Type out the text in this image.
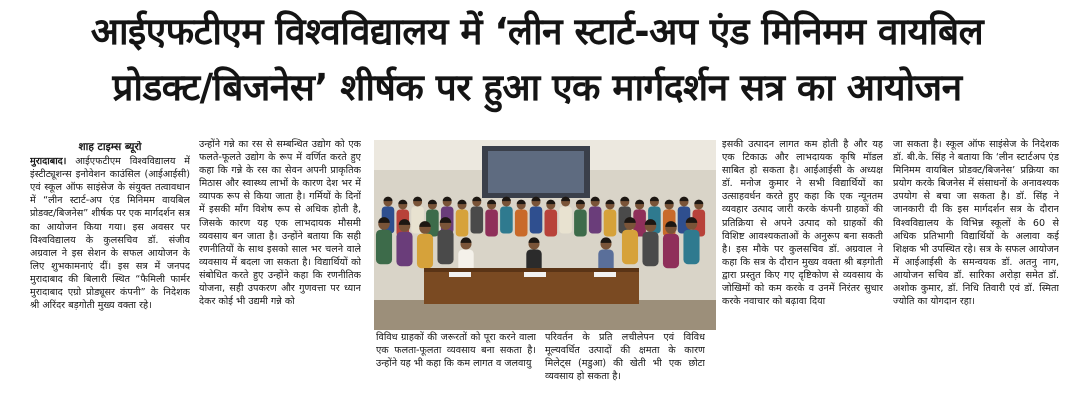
आईएफटीएम विश्वविद्यालय में ‘लीन स्टार्ट-अप एंड मिनिमम वायबिल
प्रोडक्ट/बिजनेस’ शीर्षक पर हुआ एक मार्गदर्शन सत्र का आयोजन
शाह टाइम्स ब्यूरो

मुरादाबाद। आईएफटीएम विश्वविद्यालय में इंस्टीट्यूशन्स इनोवेशन काउंसिल (आईआईसी) एवं स्कूल ऑफ साइंसेज के संयुक्त तत्वावधान में “लीन स्टार्ट-अप एंड मिनिमम वायबिल प्रोडक्ट/बिजनेस” शीर्षक पर एक मार्गदर्शन सत्र का आयोजन किया गया। इस अवसर पर विश्वविद्यालय के कुलसचिव डॉ. संजीव अग्रवाल ने इस सेशन के सफल आयोजन के लिए शुभकामनाएं दीं। इस सत्र में जनपद मुरादाबाद की बिलारी स्थित “फैमिली फार्मर मुरादाबाद एग्रो प्रोड्यूसर कंपनी” के निदेशक श्री अरिंदर बड़गोती मुख्य वक्ता रहे।

उन्होंने गन्ने का रस से सम्बन्धित उद्योग को एक फलते-फूलते उद्योग के रूप में वर्णित करते हुए कहा कि गन्ने के रस का सेवन अपनी प्राकृतिक मिठास और स्वास्थ्य लाभों के कारण देश भर में व्यापक रूप से किया जाता है। गर्मियों के दिनों में इसकी माँग विशेष रूप से अधिक होती है, जिसके कारण यह एक लाभदायक मौसमी व्यवसाय बन जाता है। उन्होंने बताया कि सही रणनीतियों के साथ इसको साल भर चलने वाले व्यवसाय में बदला जा सकता है। विद्यार्थियों को संबोधित करते हुए उन्होंने कहा कि रणनीतिक योजना, सही उपकरण और गुणवत्ता पर ध्यान देकर कोई भी उद्यमी गन्ने को

विविध ग्राहकों की जरूरतों को पूरा करने वाला एक फलता-फूलता व्यवसाय बना सकता है। उन्होंने यह भी कहा कि कम लागत व जलवायु

परिवर्तन के प्रति लचीलेपन एवं विविध मूल्यवर्धित उत्पादों की क्षमता के कारण मिलेट्स (मडुआ) की खेती भी एक छोटा व्यवसाय हो सकता है।

इसकी उत्पादन लागत कम होती है और यह एक टिकाऊ और लाभदायक कृषि मॉडल साबित हो सकता है। आईआईसी के अध्यक्ष डॉ. मनोज कुमार ने सभी विद्यार्थियों का उत्साहवर्धन करते हुए कहा कि एक न्यूनतम व्यवहार उत्पाद जारी करके कंपनी ग्राहकों की प्रतिक्रिया से अपने उत्पाद को ग्राहकों की विशिष्ट आवश्यकताओं के अनुरूप बना सकती है। इस मौके पर कुलसचिव डॉ. अग्रवाल ने कहा कि सत्र के दौरान मुख्य वक्ता श्री बड़गोती द्वारा प्रस्तुत किए गए दृष्टिकोण से व्यवसाय के जोखिमों को कम करके व उनमें निरंतर सुधार करके नवाचार को बढ़ावा दिया

जा सकता है। स्कूल ऑफ साइंसेज के निदेशक डॉ. बी.के. सिंह ने बताया कि ‘लीन स्टार्टअप एंड मिनिमम वायबिल प्रोडक्ट/बिजनेस’ प्रक्रिया का प्रयोग करके बिजनेस में संसाधनों के अनावश्यक उपयोग से बचा जा सकता है। डॉ. सिंह ने जानकारी दी कि इस मार्गदर्शन सत्र के दौरान विश्वविद्यालय के विभिन्न स्कूलों के 60 से अधिक प्रतिभागी विद्यार्थियों के अलावा कई शिक्षक भी उपस्थित रहे। सत्र के सफल आयोजन में आईआईसी के समन्वयक डॉ. अतनु नाग, आयोजन सचिव डॉ. सारिका अरोड़ा समेत डॉ. अशोक कुमार, डॉ. निधि तिवारी एवं डॉ. स्मिता ज्योति का योगदान रहा।
